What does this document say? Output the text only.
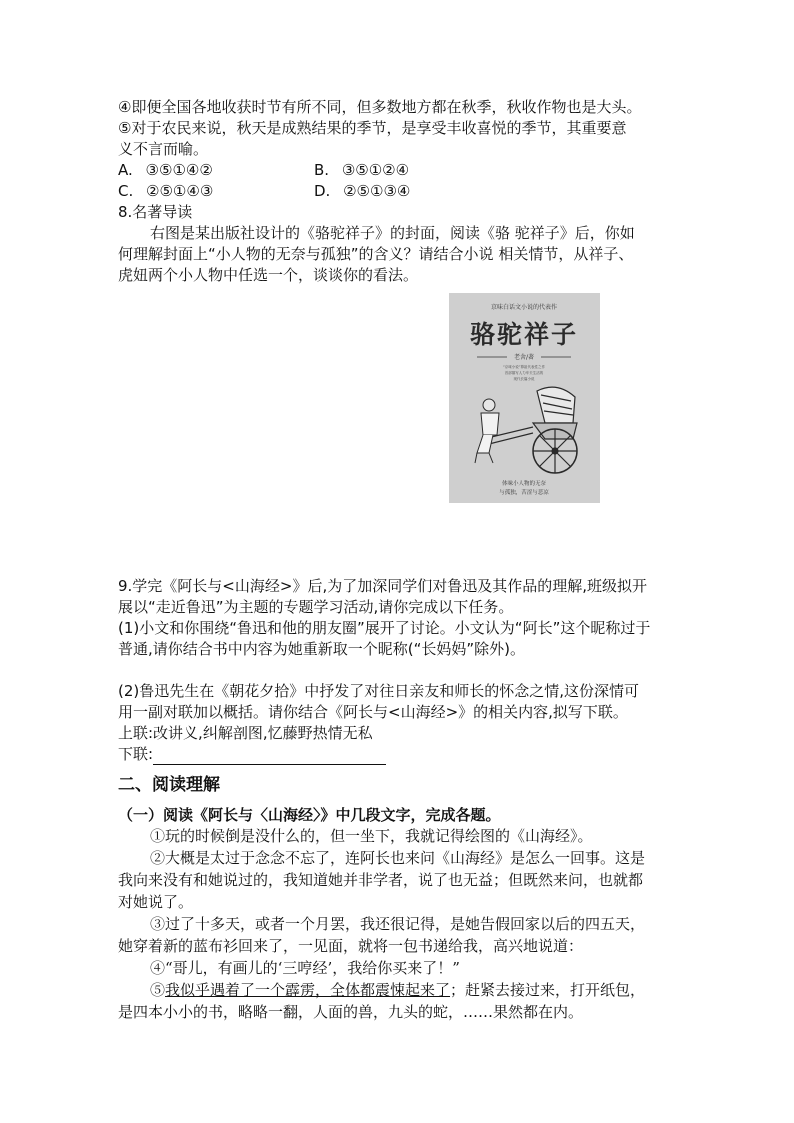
④即便全国各地收获时节有所不同，但多数地方都在秋季，秋收作物也是大头。
⑤对于农民来说，秋天是成熟结果的季节，是享受丰收喜悦的季节，其重要意
义不言而喻。
A. ③⑤①④②	B. ③⑤①②④
C. ②⑤①④③	D. ②⑤①③④
8.名著导读
右图是某出版社设计的《骆驼祥子》的封面，阅读《骆 驼祥子》后，你如
何理解封面上“小人物的无奈与孤独”的含义？请结合小说 相关情节，从祥子、
虎妞两个小人物中任选一个，谈谈你的看法。
京味白话文小说的代表作
骆驼祥子
老舍/著
“京味小说”鼻祖代表性之作
首部描写人力车夫生活的
现代长篇小说
体味小人物的无奈
与孤独，苦涩与悲凉
9.学完《阿长与<山海经>》后,为了加深同学们对鲁迅及其作品的理解,班级拟开
展以“走近鲁迅”为主题的专题学习活动,请你完成以下任务。
(1)小文和你围绕“鲁迅和他的朋友圈”展开了讨论。小文认为“阿长”这个昵称过于
普通,请你结合书中内容为她重新取一个昵称(“长妈妈”除外)。
(2)鲁迅先生在《朝花夕拾》中抒发了对往日亲友和师长的怀念之情,这份深情可
用一副对联加以概括。请你结合《阿长与<山海经>》的相关内容,拟写下联。
上联:改讲义,纠解剖图,忆藤野热情无私
下联:
二、阅读理解
（一）阅读《阿长与〈山海经〉》中几段文字，完成各题。
①玩的时候倒是没什么的，但一坐下，我就记得绘图的《山海经》。
②大概是太过于念念不忘了，连阿长也来问《山海经》是怎么一回事。这是
我向来没有和她说过的，我知道她并非学者，说了也无益；但既然来问，也就都
对她说了。
③过了十多天，或者一个月罢，我还很记得，是她告假回家以后的四五天，
她穿着新的蓝布衫回来了，一见面，就将一包书递给我，高兴地说道：
④“哥儿，有画儿的‘三哼经’，我给你买来了！”
⑤我似乎遇着了一个霹雳，全体都震悚起来了；赶紧去接过来，打开纸包，
是四本小小的书，略略一翻，人面的兽，九头的蛇，……果然都在内。
